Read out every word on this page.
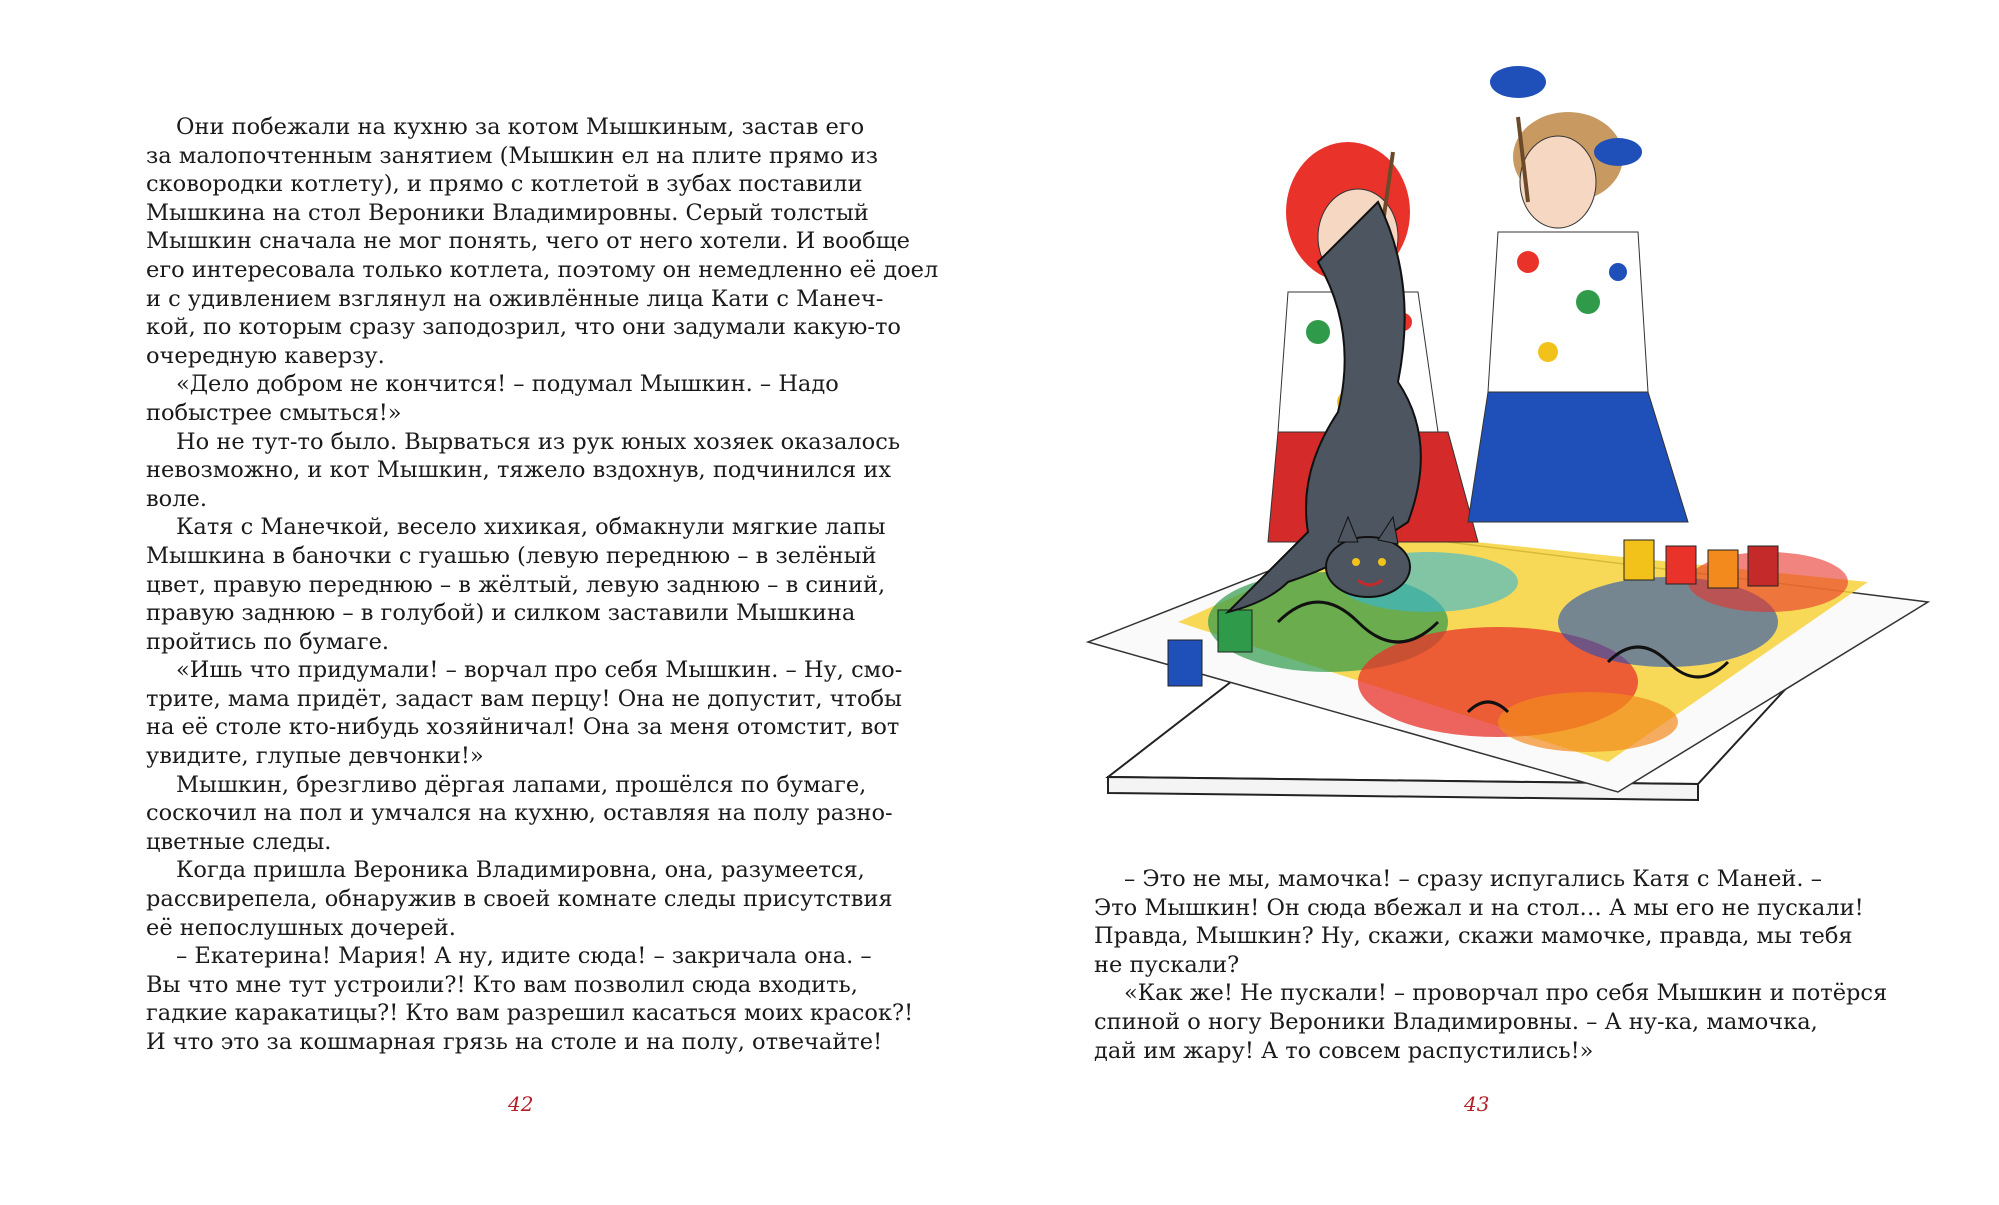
Они побежали на кухню за котом Мышкиным, застав его
за малопочтенным занятием (Мышкин ел на плите прямо из
сковородки котлету), и прямо с котлетой в зубах поставили
Мышкина на стол Вероники Владимировны. Серый толстый
Мышкин сначала не мог понять, чего от него хотели. И вообще
его интересовала только котлета, поэтому он немедленно её доел
и с удивлением взглянул на оживлённые лица Кати с Манеч-
кой, по которым сразу заподозрил, что они задумали какую-то
очередную каверзу.
«Дело добром не кончится! – подумал Мышкин. – Надо
побыстрее смыться!»
Но не тут-то было. Вырваться из рук юных хозяек оказалось
невозможно, и кот Мышкин, тяжело вздохнув, подчинился их
воле.
Катя с Манечкой, весело хихикая, обмакнули мягкие лапы
Мышкина в баночки с гуашью (левую переднюю – в зелёный
цвет, правую переднюю – в жёлтый, левую заднюю – в синий,
правую заднюю – в голубой) и силком заставили Мышкина
пройтись по бумаге.
«Ишь что придумали! – ворчал про себя Мышкин. – Ну, смо-
трите, мама придёт, задаст вам перцу! Она не допустит, чтобы
на её столе кто-нибудь хозяйничал! Она за меня отомстит, вот
увидите, глупые девчонки!»
Мышкин, брезгливо дёргая лапами, прошёлся по бумаге,
соскочил на пол и умчался на кухню, оставляя на полу разно-
цветные следы.
Когда пришла Вероника Владимировна, она, разумеется,
рассвирепела, обнаружив в своей комнате следы присутствия
её непослушных дочерей.
– Екатерина! Мария! А ну, идите сюда! – закричала она. –
Вы что мне тут устроили?! Кто вам позволил сюда входить,
гадкие каракатицы?! Кто вам разрешил касаться моих красок?!
И что это за кошмарная грязь на столе и на полу, отвечайте!
42
– Это не мы, мамочка! – сразу испугались Катя с Маней. –
Это Мышкин! Он сюда вбежал и на стол… А мы его не пускали!
Правда, Мышкин? Ну, скажи, скажи мамочке, правда, мы тебя
не пускали?
«Как же! Не пускали! – проворчал про себя Мышкин и потёрся
спиной о ногу Вероники Владимировны. – А ну-ка, мамочка,
дай им жару! А то совсем распустились!»
43
